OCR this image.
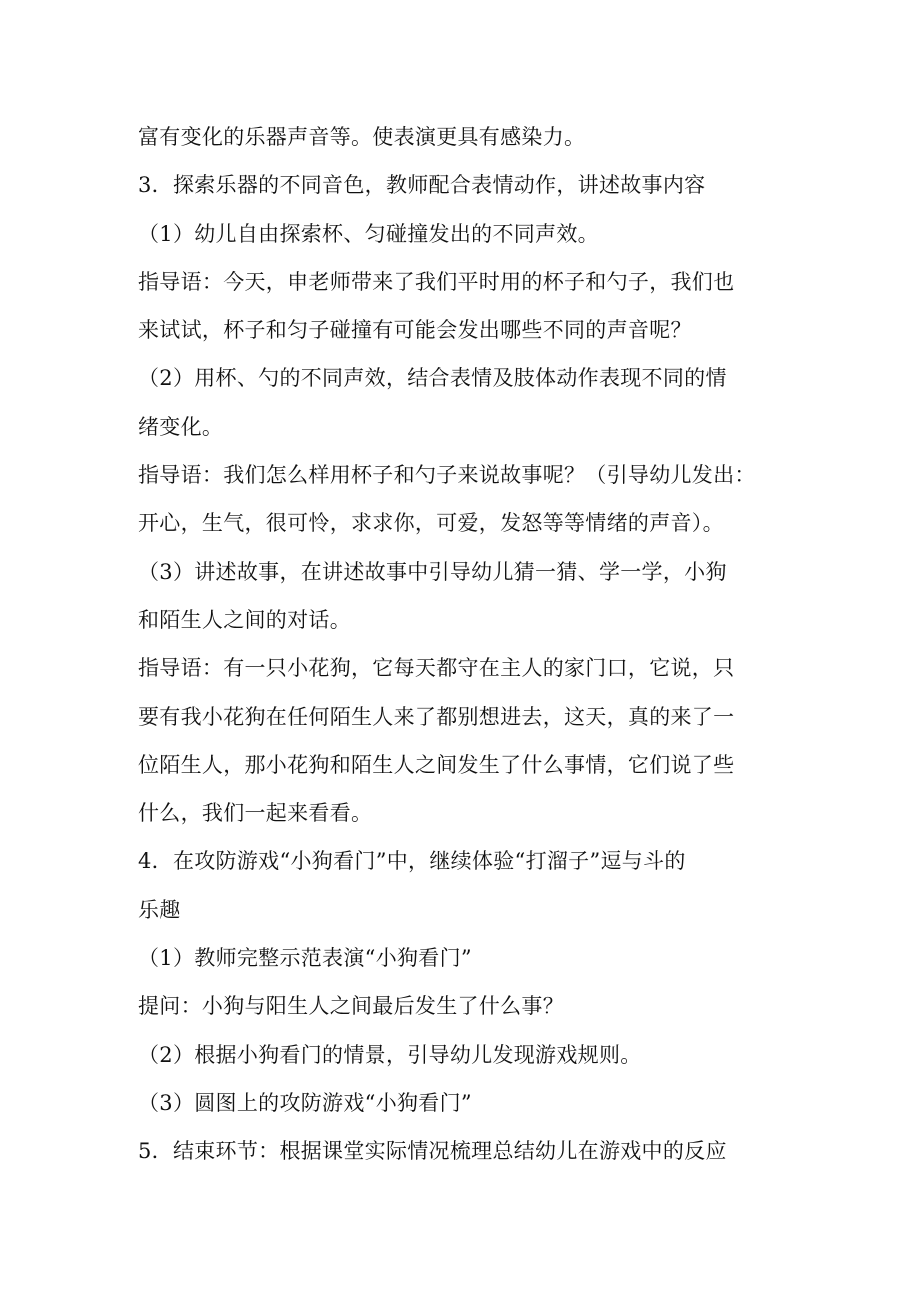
富有变化的乐器声音等。使表演更具有感染力。
3．探索乐器的不同音色，教师配合表情动作，讲述故事内容
（1）幼儿自由探索杯、匀碰撞发出的不同声效。
指导语：今天，申老师带来了我们平时用的杯子和勺子，我们也
来试试，杯子和匀子碰撞有可能会发出哪些不同的声音呢？
（2）用杯、勺的不同声效，结合表情及肢体动作表现不同的情
绪变化。
指导语：我们怎么样用杯子和勺子来说故事呢？（引导幼儿发出：
开心，生气，很可怜，求求你，可爱，发怒等等情绪的声音）。
（3）讲述故事，在讲述故事中引导幼儿猜一猜、学一学，小狗
和陌生人之间的对话。
指导语：有一只小花狗，它每天都守在主人的家门口，它说，只
要有我小花狗在任何陌生人来了都别想进去，这天，真的来了一
位陌生人，那小花狗和陌生人之间发生了什么事情，它们说了些
什么，我们一起来看看。
4．在攻防游戏“小狗看门”中，继续体验“打溜子”逗与斗的
乐趣
（1）教师完整示范表演“小狗看门”
提问：小狗与阳生人之间最后发生了什么事？
（2）根据小狗看门的情景，引导幼儿发现游戏规则。
（3）圆图上的攻防游戏“小狗看门”
5．结束环节：根据课堂实际情况梳理总结幼儿在游戏中的反应
